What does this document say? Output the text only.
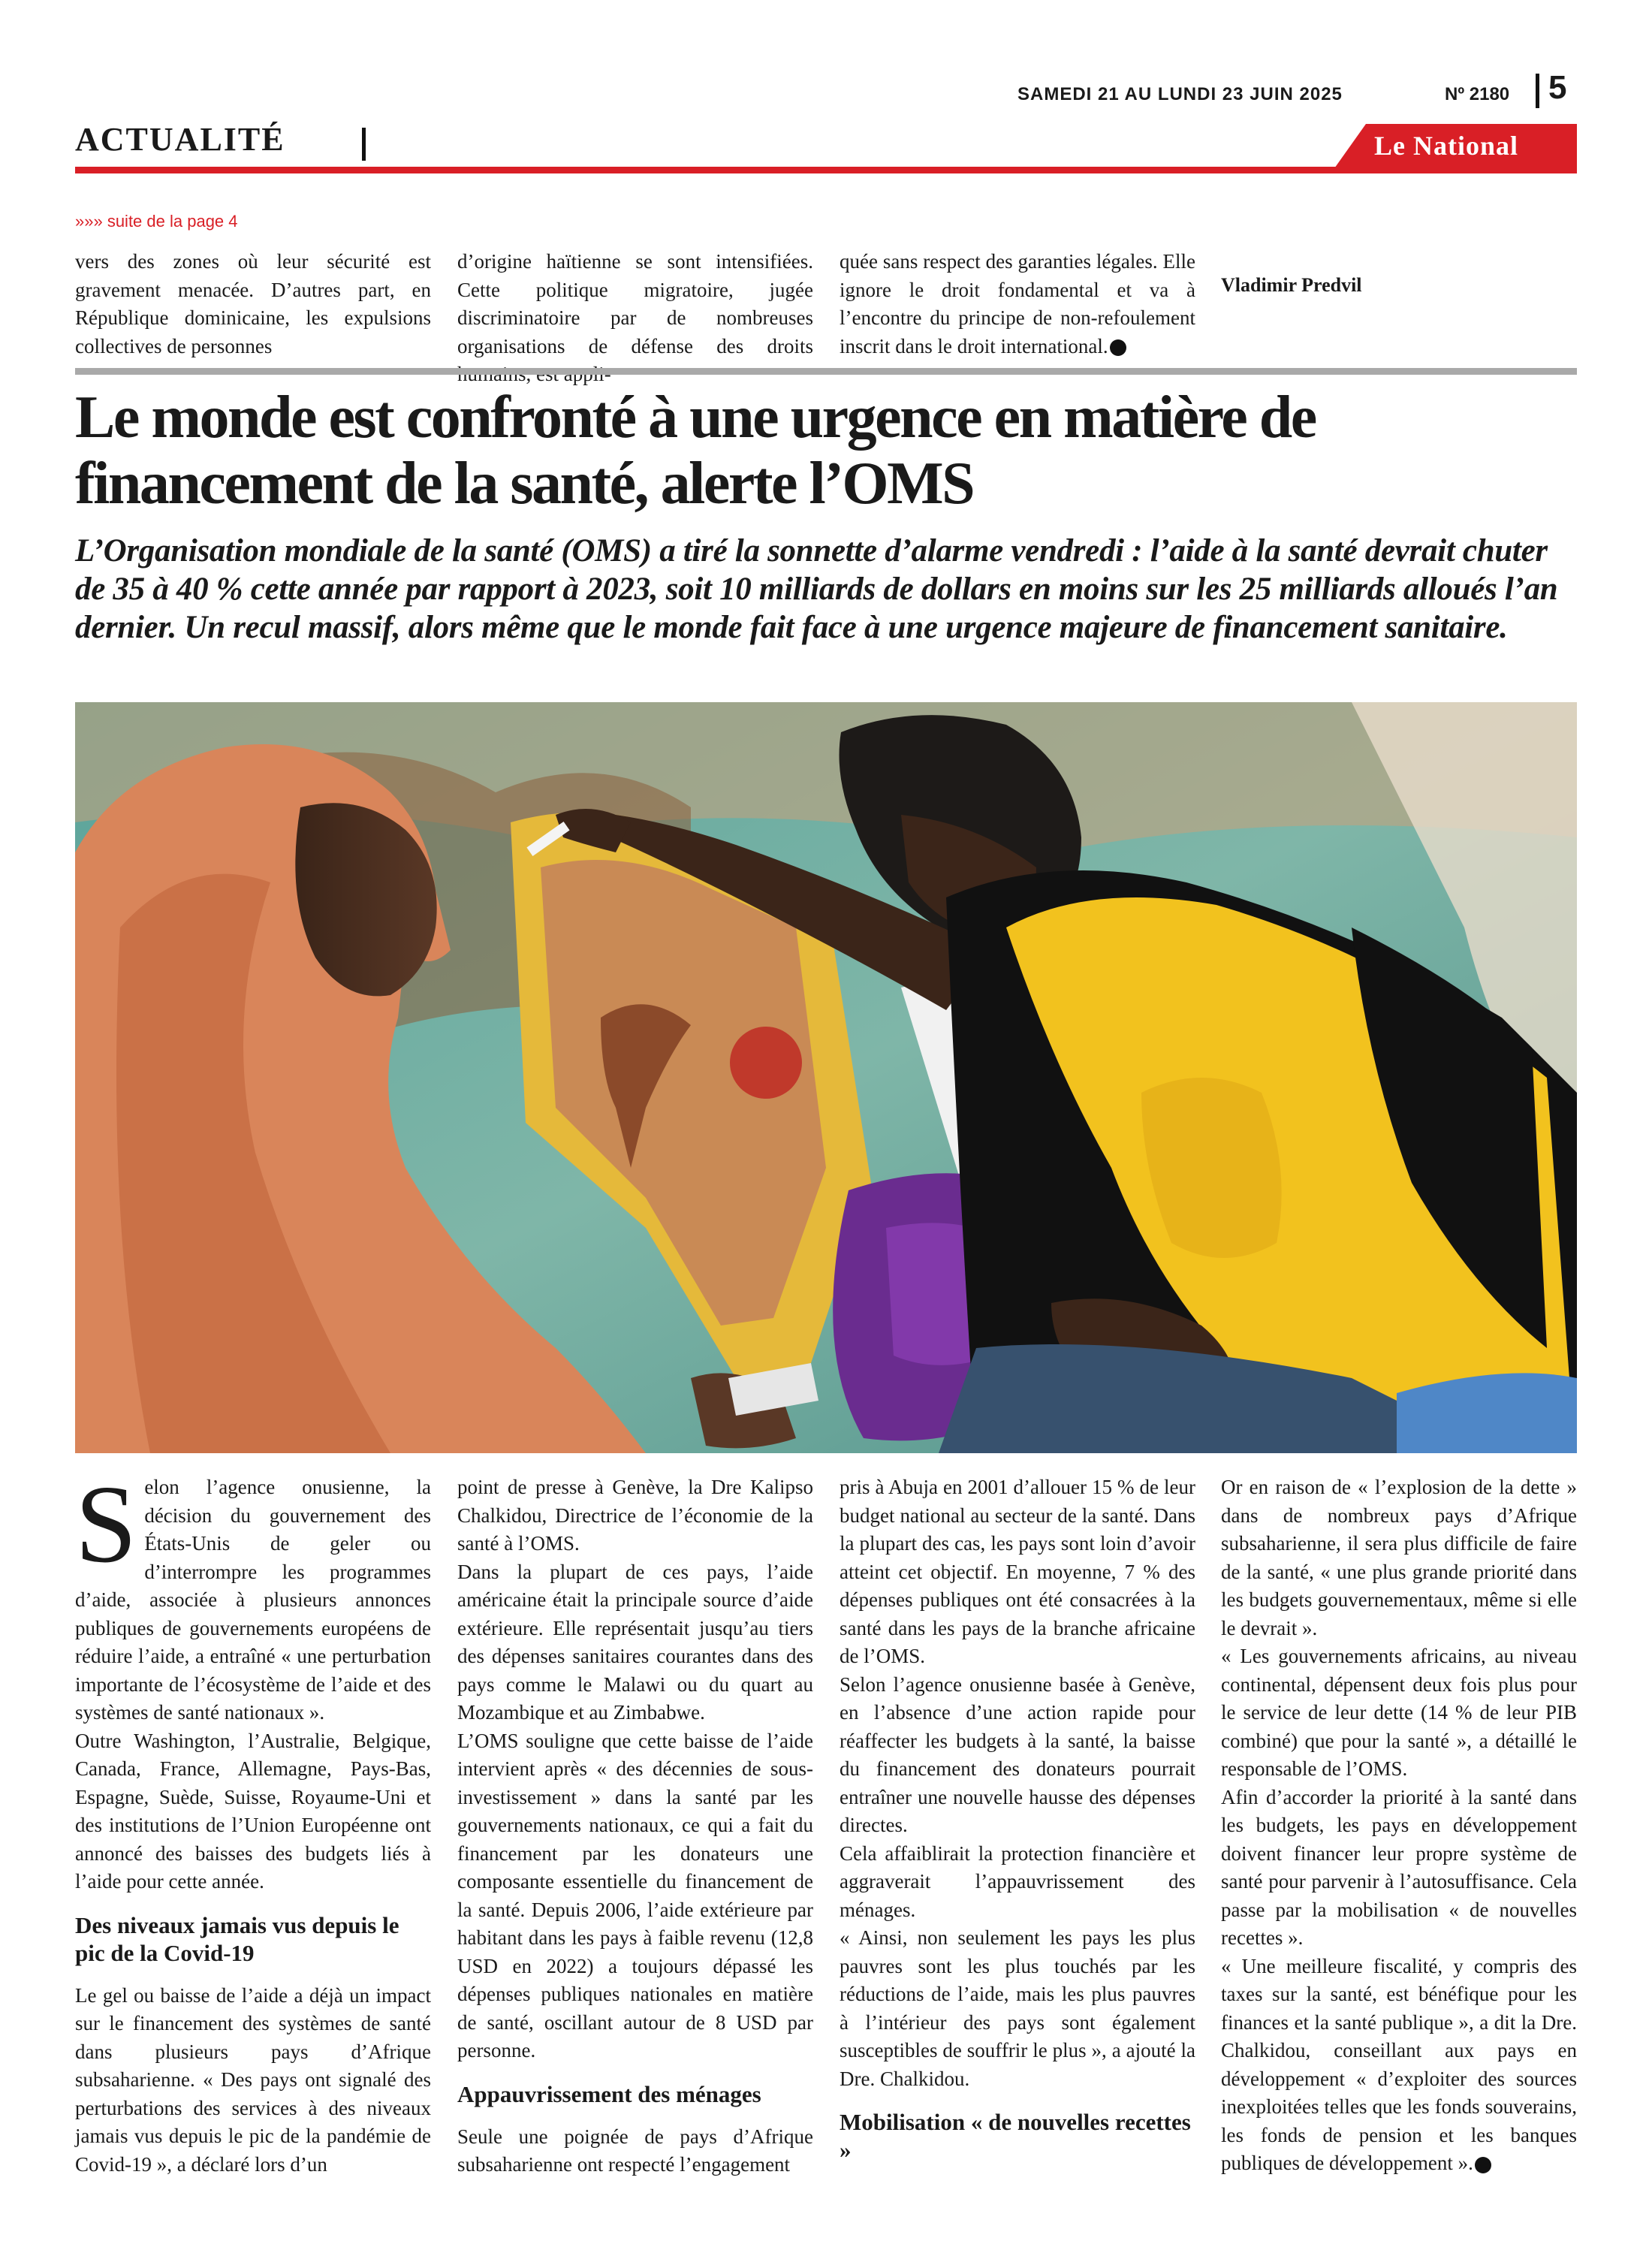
SAMEDI 21 AU LUNDI 23 JUIN 2025	Nº 2180 5
ACTUALITÉ	Le National
»»» suite de la page 4
vers des zones où leur sécurité est gravement menacée. D’autres part, en République dominicaine, les expulsions collectives de personnes
d’origine haïtienne se sont intensifiées. Cette politique migratoire, jugée discriminatoire par de nombreuses organisations de défense des droits
quée sans respect des garanties légales. Elle ignore le droit fondamental et va à l’encontre du principe de non-refoulement inscrit dans le droit international.
Vladimir Predvil
Le monde est confronté à une urgence en matière de financement de la santé, alerte l’OMS
L’Organisation mondiale de la santé (OMS) a tiré la sonnette d’alarme vendredi : l’aide à la santé devrait chuter de 35 à 40 % cette année par rapport à 2023, soit 10 milliards de dollars en moins sur les 25 milliards alloués l’an dernier. Un recul massif, alors même que le monde fait face à une urgence majeure de financement sanitaire.

Selon l’agence onusienne, la décision du gouvernement des États-Unis de geler ou d’interrompre les programmes d’aide, associée à plusieurs annonces publiques de gouvernements européens de réduire l’aide, a entraîné « une perturbation importante de l’écosystème de l’aide et des systèmes de santé nationaux ».

Outre Washington, l’Australie, Belgique, Canada, France, Allemagne, Pays-Bas, Espagne, Suède, Suisse, Royaume-Uni et des institutions de l’Union Européenne ont annoncé des baisses des budgets liés à l’aide pour cette année.

Des niveaux jamais vus depuis le pic de la Covid-19

Le gel ou baisse de l’aide a déjà un impact sur le financement des systèmes de santé dans plusieurs pays d’Afrique subsaharienne. « Des pays ont signalé des perturbations des services à des niveaux jamais vus depuis le pic de la pandémie de Covid-19 », a déclaré lors d’un

point de presse à Genève, la Dre Kalipso Chalkidou, Directrice de l’économie de la santé à l’OMS.

Dans la plupart de ces pays, l’aide américaine était la principale source d’aide extérieure. Elle représentait jusqu’au tiers des dépenses sanitaires courantes dans des pays comme le Malawi ou du quart au Mozambique et au Zimbabwe.

L’OMS souligne que cette baisse de l’aide intervient après « des décennies de sous-investissement » dans la santé par les gouvernements nationaux, ce qui a fait du financement par les donateurs une composante essentielle du financement de la santé. Depuis 2006, l’aide extérieure par habitant dans les pays à faible revenu (12,8 USD en 2022) a toujours dépassé les dépenses publiques nationales en matière de santé, oscillant autour de 8 USD par personne.

Appauvrissement des ménages

Seule une poignée de pays d’Afrique subsaharienne ont respecté l’engagement

pris à Abuja en 2001 d’allouer 15 % de leur budget national au secteur de la santé. Dans la plupart des cas, les pays sont loin d’avoir atteint cet objectif. En moyenne, 7 % des dépenses publiques ont été consacrées à la santé dans les pays de la branche africaine de l’OMS.

Selon l’agence onusienne basée à Genève, en l’absence d’une action rapide pour réaffecter les budgets à la santé, la baisse du financement des donateurs pourrait entraîner une nouvelle hausse des dépenses directes.

Cela affaiblirait la protection financière et aggraverait l’appauvrissement des ménages.

« Ainsi, non seulement les pays les plus pauvres sont les plus touchés par les réductions de l’aide, mais les plus pauvres à l’intérieur des pays sont également susceptibles de souffrir le plus », a ajouté la Dre. Chalkidou.

Mobilisation « de nouvelles recettes »

Or en raison de « l’explosion de la dette » dans de nombreux pays d’Afrique subsaharienne, il sera plus difficile de faire de la santé, « une plus grande priorité dans les budgets gouvernementaux, même si elle le devrait ».

« Les gouvernements africains, au niveau continental, dépensent deux fois plus pour le service de leur dette (14 % de leur PIB combiné) que pour la santé », a détaillé le responsable de l’OMS.

Afin d’accorder la priorité à la santé dans les budgets, les pays en développement doivent financer leur propre système de santé pour parvenir à l’autosuffisance. Cela passe par la mobilisation « de nouvelles recettes ».

« Une meilleure fiscalité, y compris des taxes sur la santé, est bénéfique pour les finances et la santé publique », a dit la Dre. Chalkidou, conseillant aux pays en développement « d’exploiter des sources inexploitées telles que les fonds souverains, les fonds de pension et les banques publiques de développement ».
